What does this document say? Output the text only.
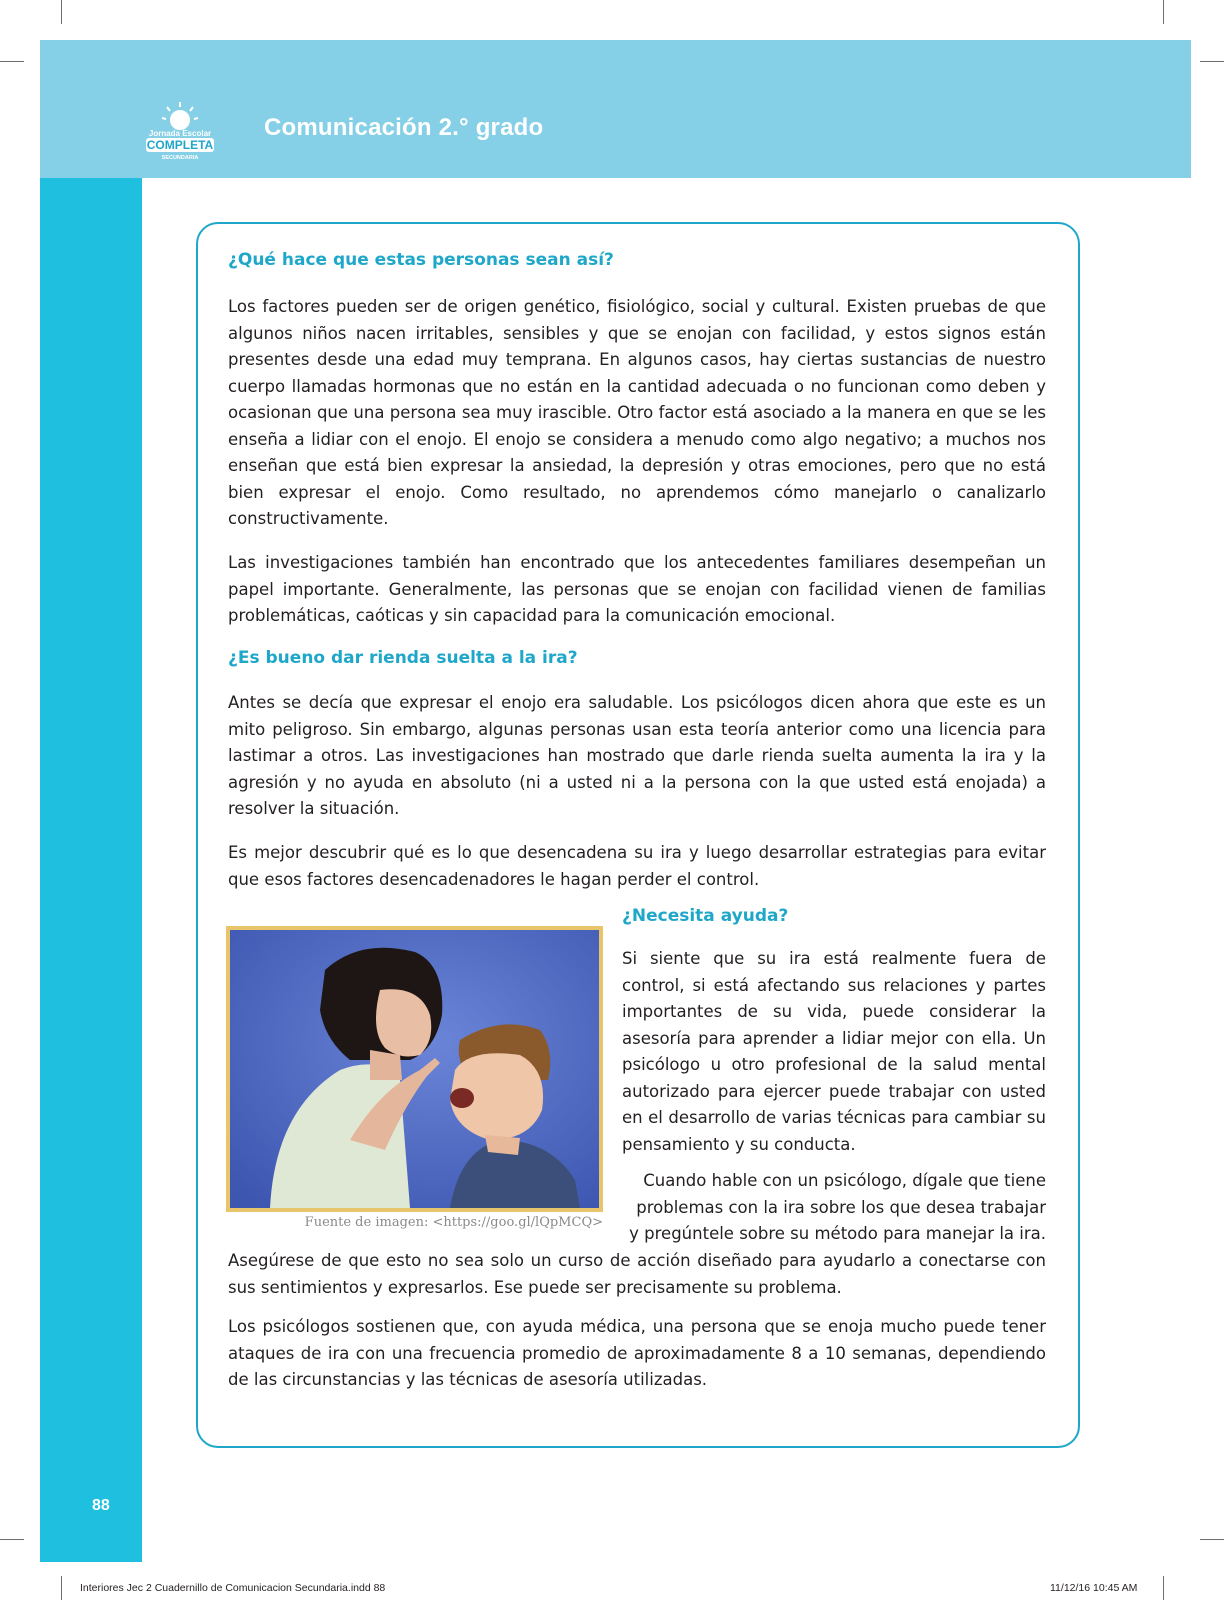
Jornada Escolar
COMPLETA
SECUNDARIA
Comunicación 2.° grado
¿Qué hace que estas personas sean así?

Los factores pueden ser de origen genético, fisiológico, social y cultural. Existen pruebas de que algunos niños nacen irritables, sensibles y que se enojan con facilidad, y estos signos están presentes desde una edad muy temprana. En algunos casos, hay ciertas sustancias de nuestro cuerpo llamadas hormonas que no están en la cantidad adecuada o no funcionan como deben y ocasionan que una persona sea muy irascible. Otro factor está asociado a la manera en que se les enseña a lidiar con el enojo. El enojo se considera a menudo como algo negativo; a muchos nos enseñan que está bien expresar la ansiedad, la depresión y otras emociones, pero que no está bien expresar el enojo. Como resultado, no aprendemos cómo manejarlo o canalizarlo constructivamente.

Las investigaciones también han encontrado que los antecedentes familiares desempeñan un papel importante. Generalmente, las personas que se enojan con facilidad vienen de familias problemáticas, caóticas y sin capacidad para la comunicación emocional.

¿Es bueno dar rienda suelta a la ira?

Antes se decía que expresar el enojo era saludable. Los psicólogos dicen ahora que este es un mito peligroso. Sin embargo, algunas personas usan esta teoría anterior como una licencia para lastimar a otros. Las investigaciones han mostrado que darle rienda suelta aumenta la ira y la agresión y no ayuda en absoluto (ni a usted ni a la persona con la que usted está enojada) a resolver la situación.

Es mejor descubrir qué es lo que desencadena su ira y luego desarrollar estrategias para evitar que esos factores desencadenadores le hagan perder el control.

Fuente de imagen: <https://goo.gl/lQpMCQ>
¿Necesita ayuda?

Si siente que su ira está realmente fuera de control, si está afectando sus relaciones y partes importantes de su vida, puede considerar la asesoría para aprender a lidiar mejor con ella. Un psicólogo u otro profesional de la salud mental autorizado para ejercer puede trabajar con usted en el desarrollo de varias técnicas para cambiar su pensamiento y su conducta.

Cuando hable con un psicólogo, dígale que tiene problemas con la ira sobre los que desea trabajar y pregúntele sobre su método para manejar la ira.

Asegúrese de que esto no sea solo un curso de acción diseñado para ayudarlo a conectarse con sus sentimientos y expresarlos. Ese puede ser precisamente su problema.

Los psicólogos sostienen que, con ayuda médica, una persona que se enoja mucho puede tener ataques de ira con una frecuencia promedio de aproximadamente 8 a 10 semanas, dependiendo de las circunstancias y las técnicas de asesoría utilizadas.

88
Interiores Jec 2 Cuadernillo de Comunicacion Secundaria.indd 88	11/12/16 10:45 AM
